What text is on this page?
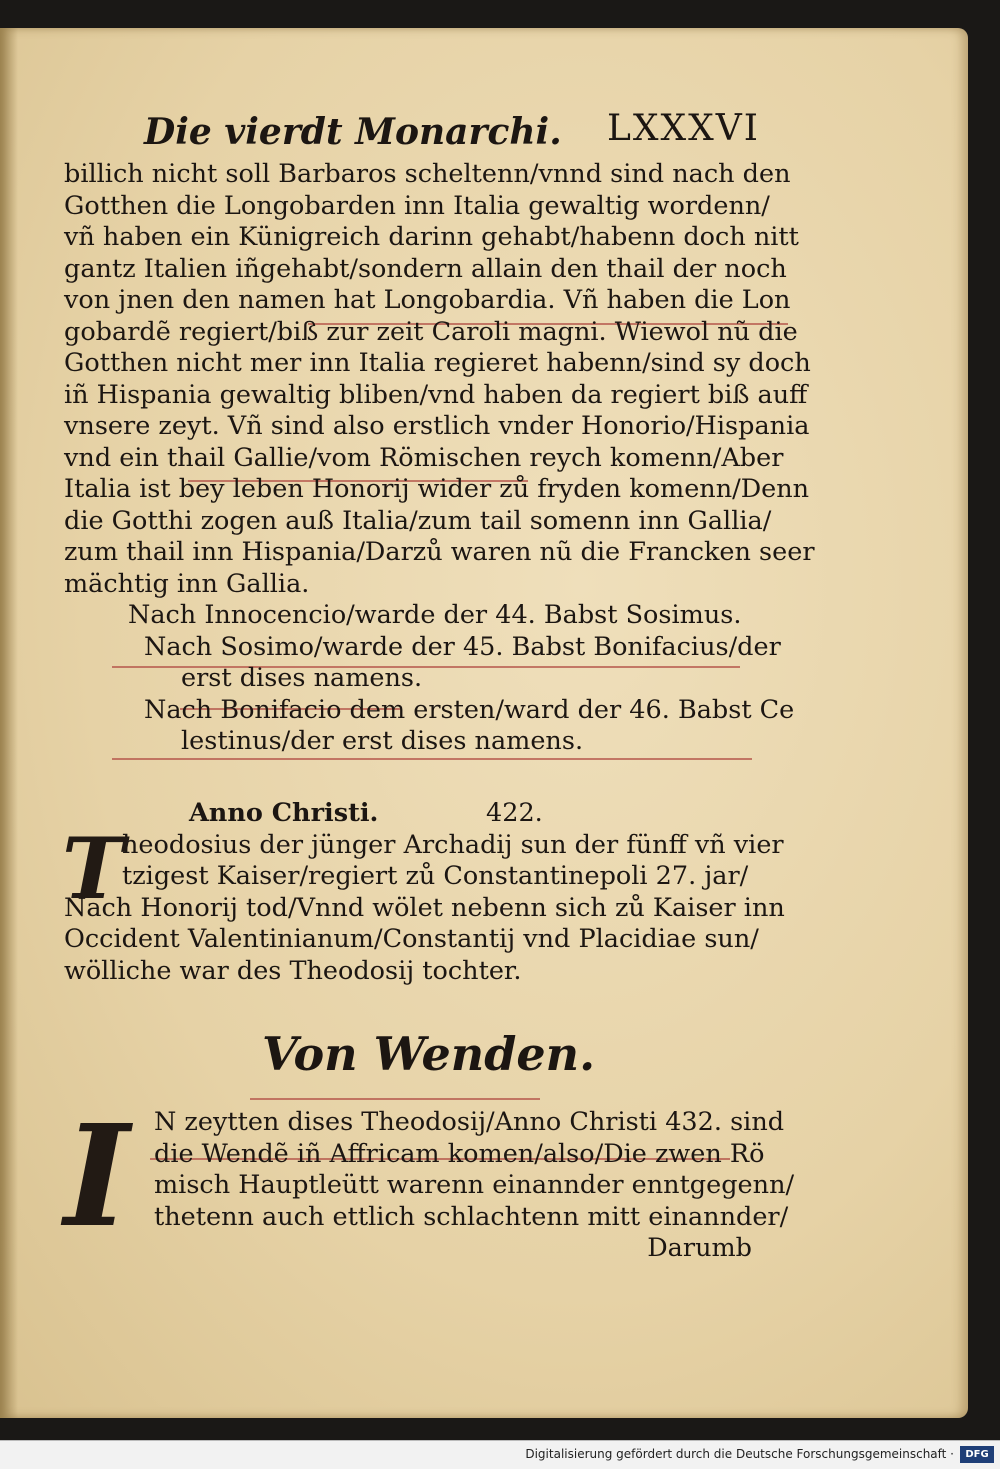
Die vierdt Monarchi. LXXXVI
billich nicht soll Barbaros scheltenn/vnnd sind nach den
Gotthen die Longobarden inn Italia gewaltig wordenn/
vñ haben ein Künigreich darinn gehabt/habenn doch nitt
gantz Italien iñgehabt/sondern allain den thail der noch
von jnen den namen hat Longobardia. Vñ haben die Lon
gobardẽ regiert/biß zur zeit Caroli magni. Wiewol nũ die
Gotthen nicht mer inn Italia regieret habenn/sind sy doch
iñ Hispania gewaltig bliben/vnd haben da regiert biß auff
vnsere zeyt. Vñ sind also erstlich vnder Honorio/Hispania
vnd ein thail Gallie/vom Römischen reych komenn/Aber
Italia ist bey leben Honorij wider zů fryden komenn/Denn
die Gotthi zogen auß Italia/zum tail somenn inn Gallia/
zum thail inn Hispania/Darzů waren nũ die Francken seer
mächtig inn Gallia.
Nach Innocencio/warde der 44. Babst Sosimus.
Nach Sosimo/warde der 45. Babst Bonifacius/der
erst dises namens.
Nach Bonifacio dem ersten/ward der 46. Babst Ce
lestinus/der erst dises namens.
Anno Christi.	422.
T
heodosius der jünger Archadij sun der fünff vñ vier
tzigest Kaiser/regiert zů Constantinepoli 27. jar/
Nach Honorij tod/Vnnd wölet nebenn sich zů Kaiser inn
Occident Valentinianum/Constantij vnd Placidiae sun/
wölliche war des Theodosij tochter.
Von Wenden.
I N zeytten dises Theodosij/Anno Christi 432. sind
die Wendẽ iñ Affricam komen/also/Die zwen Rö
misch Hauptleütt warenn einannder enntgegenn/
thetenn auch ettlich schlachtenn mitt einannder/
Darumb
Digitalisierung gefördert durch die Deutsche Forschungsgemeinschaft ·	DFG
